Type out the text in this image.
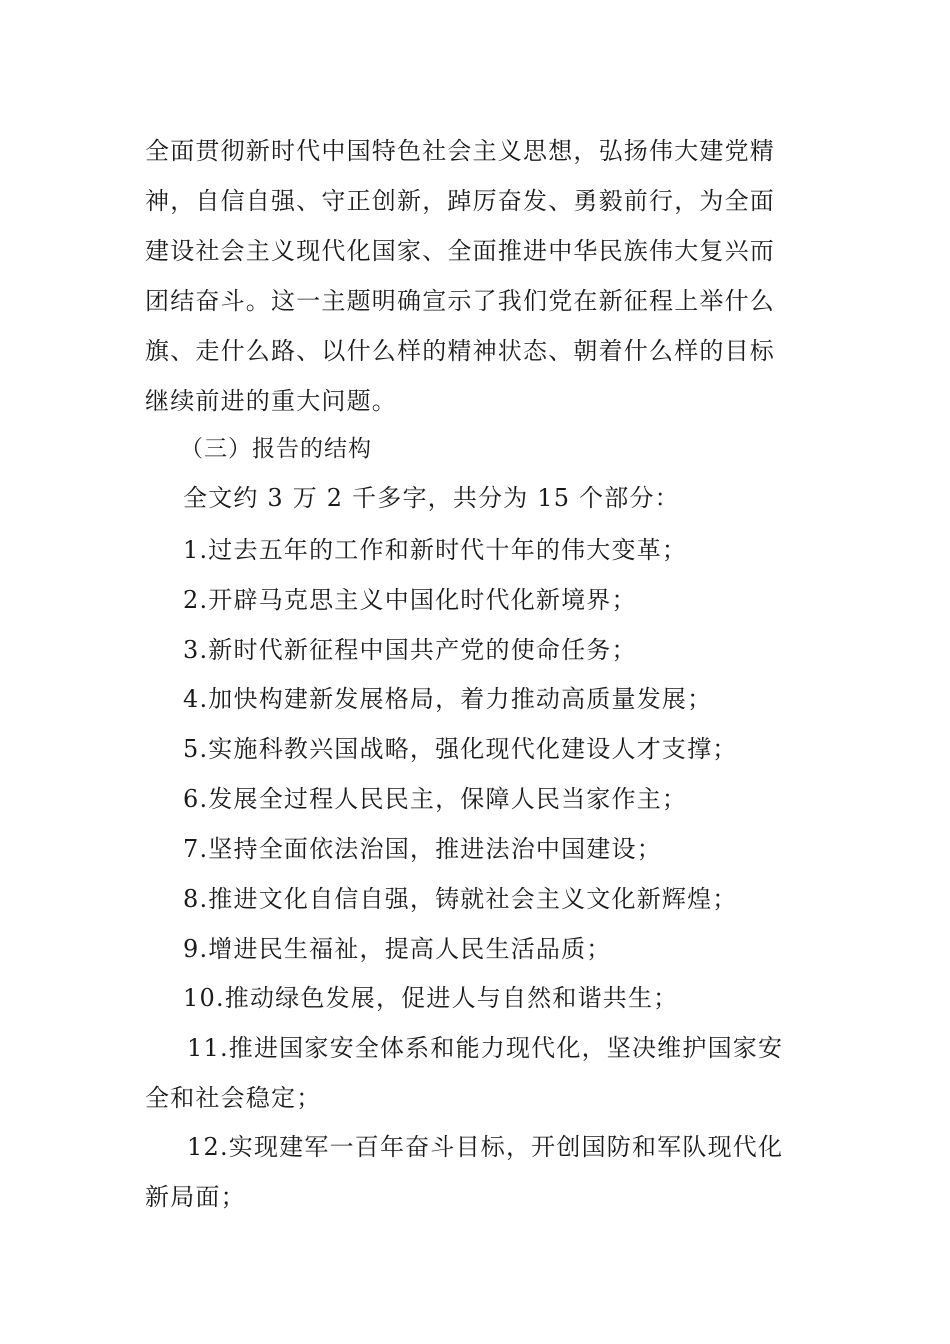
全面贯彻新时代中国特色社会主义思想，弘扬伟大建党精
神，自信自强、守正创新，踔厉奋发、勇毅前行，为全面
建设社会主义现代化国家、全面推进中华民族伟大复兴而
团结奋斗。这一主题明确宣示了我们党在新征程上举什么
旗、走什么路、以什么样的精神状态、朝着什么样的目标
继续前进的重大问题。
（三）报告的结构
全文约 3 万 2 千多字，共分为 15 个部分：
1.过去五年的工作和新时代十年的伟大变革；
2.开辟马克思主义中国化时代化新境界；
3.新时代新征程中国共产党的使命任务；
4.加快构建新发展格局，着力推动高质量发展；
5.实施科教兴国战略，强化现代化建设人才支撑；
6.发展全过程人民民主，保障人民当家作主；
7.坚持全面依法治国，推进法治中国建设；
8.推进文化自信自强，铸就社会主义文化新辉煌；
9.增进民生福祉，提高人民生活品质；
10.推动绿色发展，促进人与自然和谐共生；
11.推进国家安全体系和能力现代化，坚决维护国家安
全和社会稳定；
12.实现建军一百年奋斗目标，开创国防和军队现代化
新局面；
